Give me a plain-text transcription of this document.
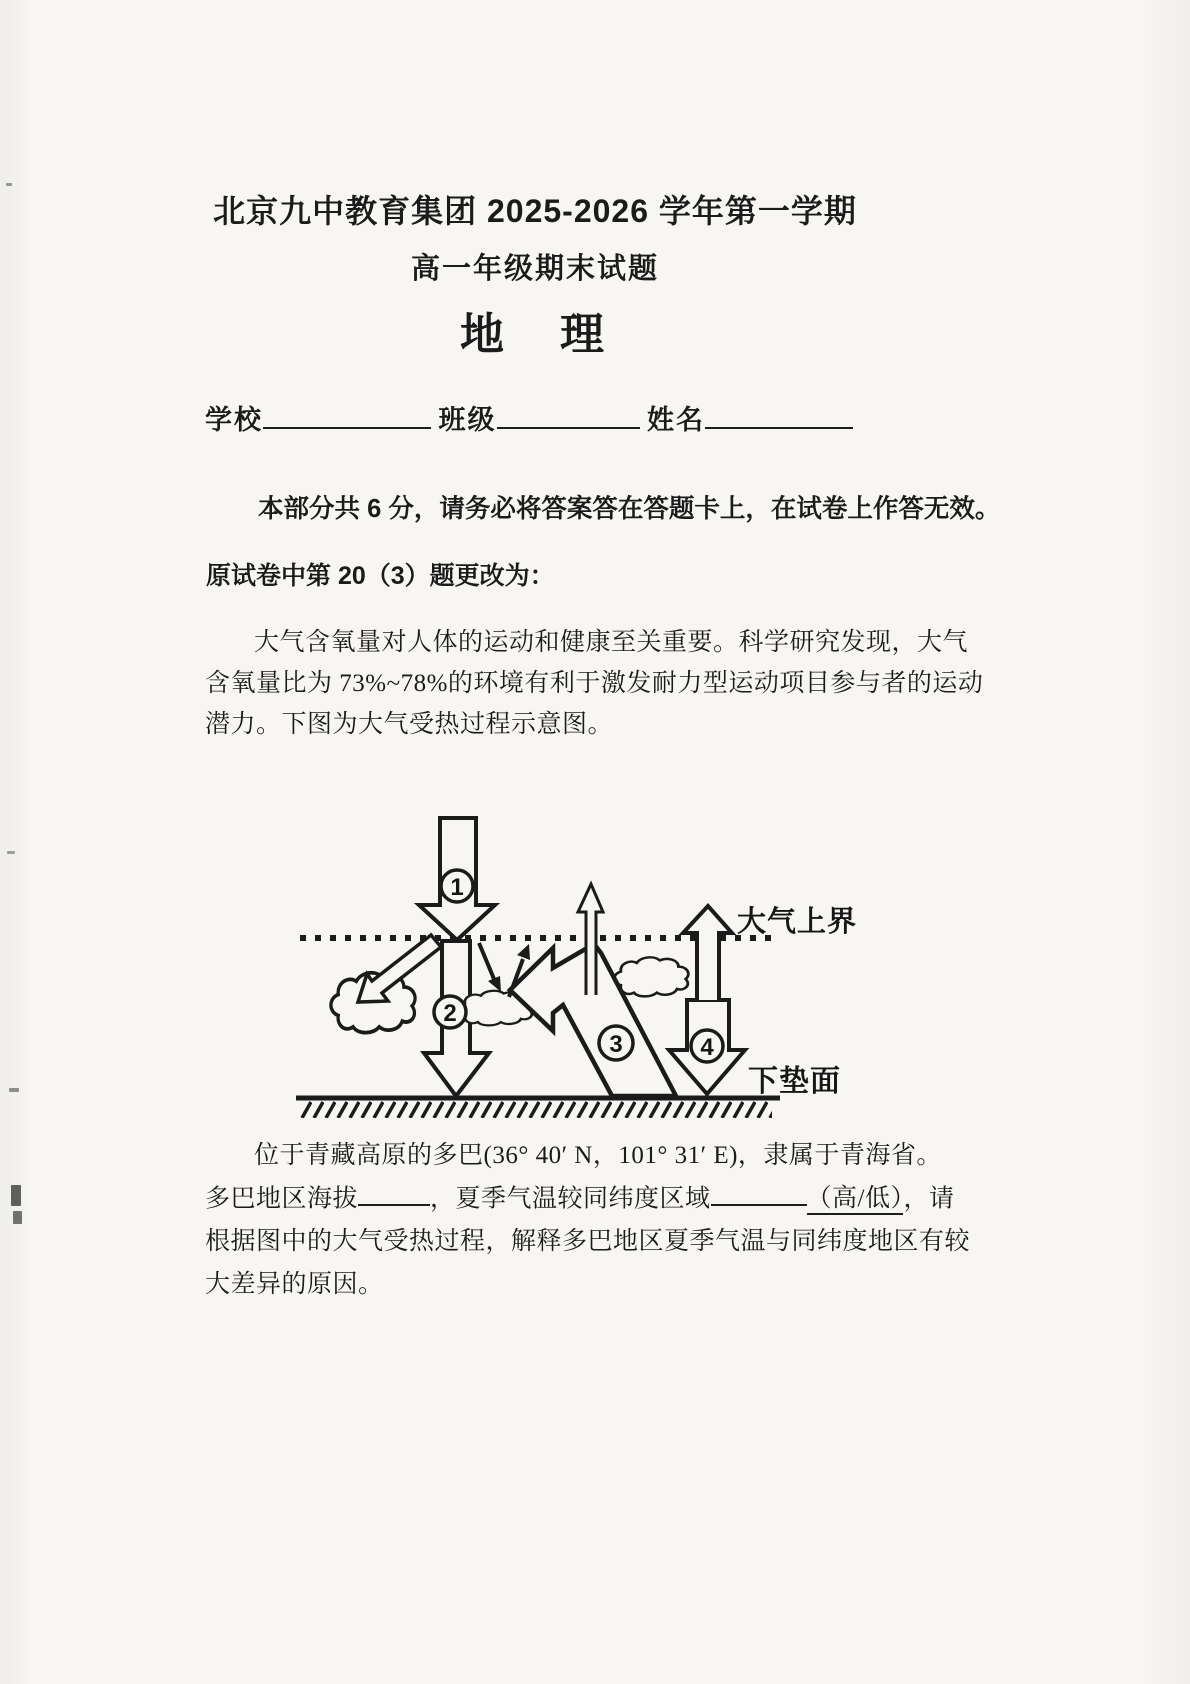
北京九中教育集团 2025-2026 学年第一学期
高一年级期末试题
地　理
学校	班级	姓名
本部分共 6 分，请务必将答案答在答题卡上，在试卷上作答无效。
原试卷中第 20（3）题更改为：
大气含氧量对人体的运动和健康至关重要。科学研究发现，大气
含氧量比为 73%~78%的环境有利于激发耐力型运动项目参与者的运动
潜力。下图为大气受热过程示意图。
1
2
3	4
大气上界
下垫面
位于青藏高原的多巴(36° 40′ N，101° 31′ E)，隶属于青海省。
多巴地区海拔	，夏季气温较同纬度区域	（高/低），请
根据图中的大气受热过程，解释多巴地区夏季气温与同纬度地区有较
大差异的原因。
